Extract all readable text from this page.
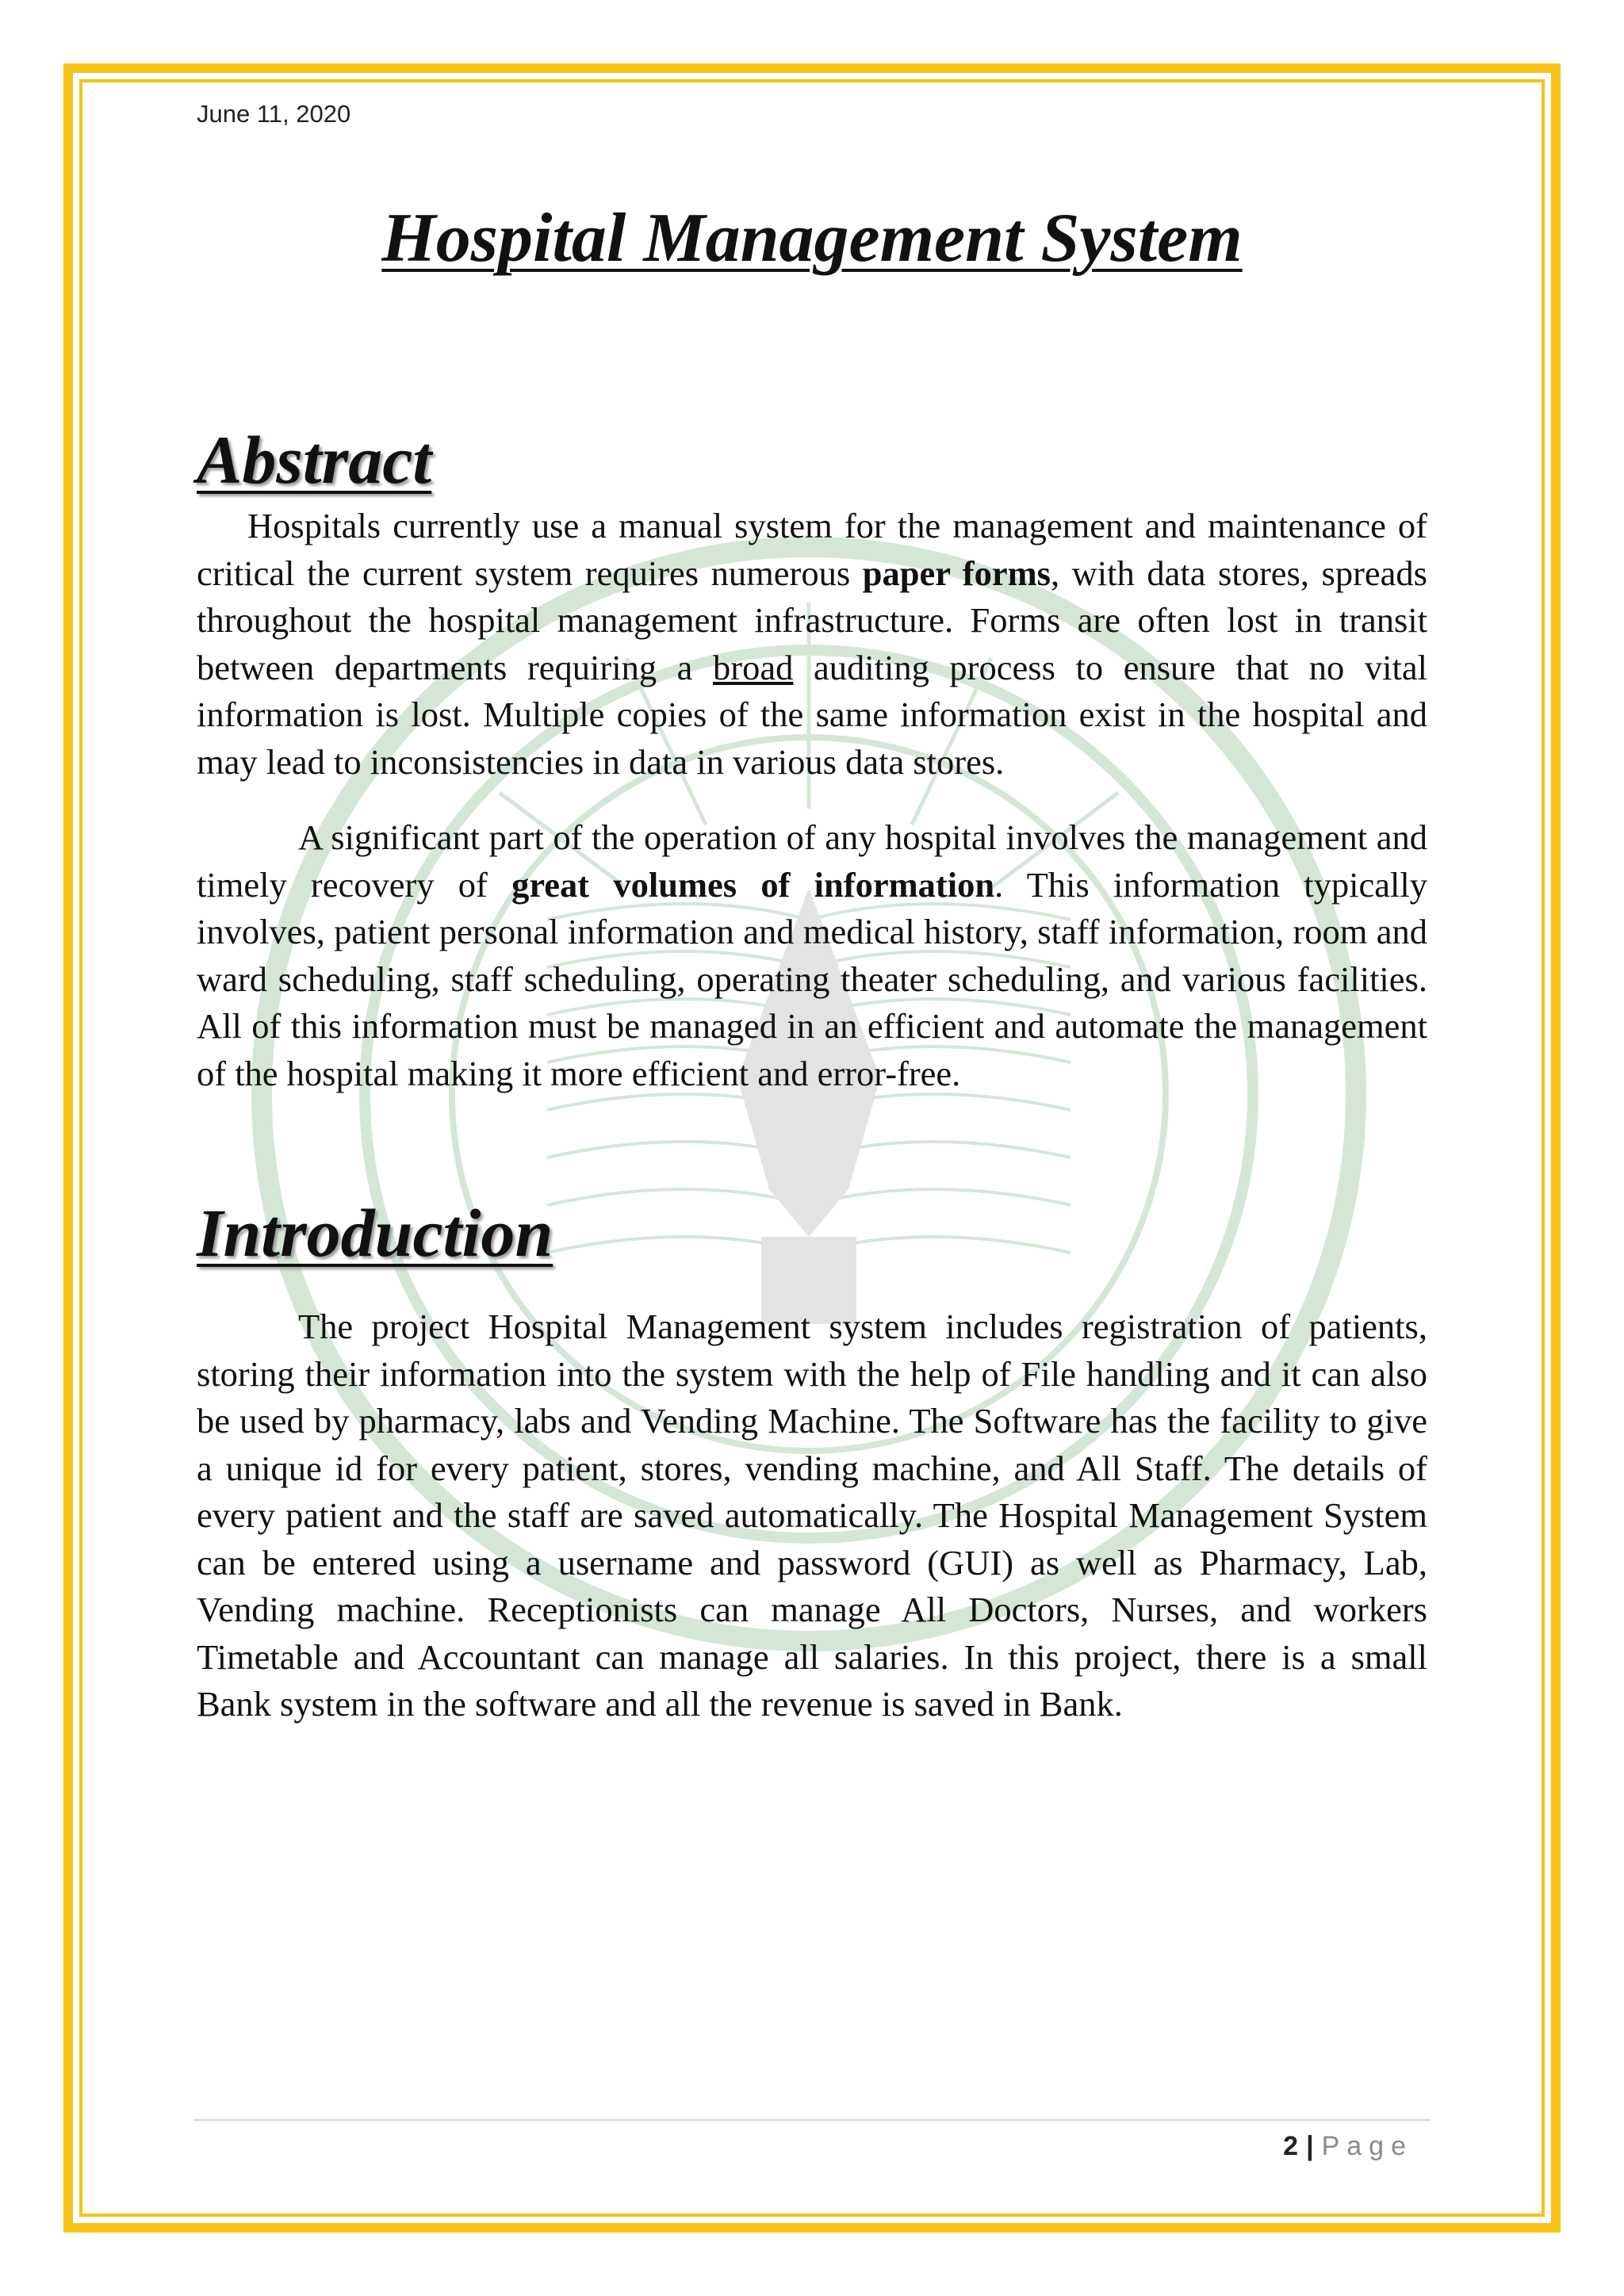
June 11, 2020
Hospital Management System
Abstract

Hospitals currently use a manual system for the management and maintenance of critical the current system requires numerous paper forms, with data stores, spreads throughout the hospital management infrastructure. Forms are often lost in transit between departments requiring a broad auditing process to ensure that no vital information is lost. Multiple copies of the same information exist in the hospital and may lead to inconsistencies in data in various data stores.

A significant part of the operation of any hospital involves the management and timely recovery of great volumes of information. This information typically involves, patient personal information and medical history, staff information, room and ward scheduling, staff scheduling, operating theater scheduling, and various facilities. All of this information must be managed in an efficient and automate the management of the hospital making it more efficient and error-free.

Introduction

The project Hospital Management system includes registration of patients, storing their information into the system with the help of File handling and it can also be used by pharmacy, labs and Vending Machine. The Software has the facility to give a unique id for every patient, stores, vending machine, and All Staff. The details of every patient and the staff are saved automatically. The Hospital Management System can be entered using a username and password (GUI) as well as Pharmacy, Lab, Vending machine. Receptionists can manage All Doctors, Nurses, and workers Timetable and Accountant can manage all salaries. In this project, there is a small Bank system in the software and all the revenue is saved in Bank.

2 | Page
